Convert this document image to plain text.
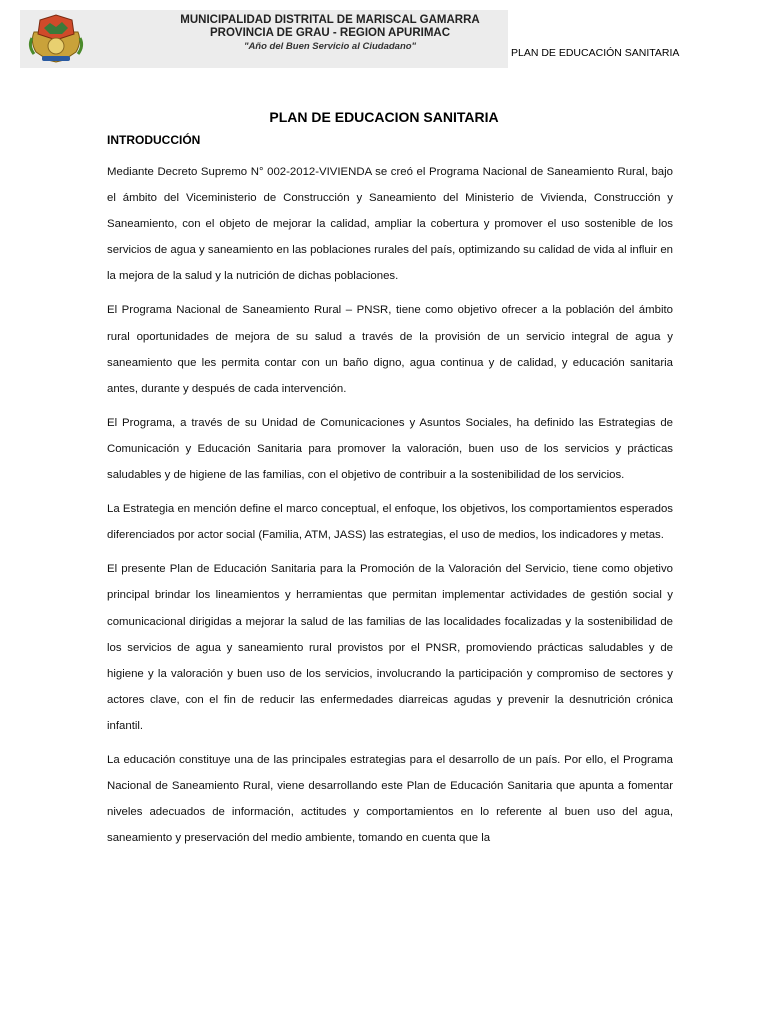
MUNICIPALIDAD DISTRITAL DE MARISCAL GAMARRA
PROVINCIA DE GRAU - REGION APURIMAC
"Año del Buen Servicio al Ciudadano"
PLAN DE EDUCACIÓN SANITARIA
PLAN DE EDUCACION SANITARIA
INTRODUCCIÓN

Mediante Decreto Supremo N° 002-2012-VIVIENDA se creó el Programa Nacional de Saneamiento Rural, bajo el ámbito del Viceministerio de Construcción y Saneamiento del Ministerio de Vivienda, Construcción y Saneamiento, con el objeto de mejorar la calidad, ampliar la cobertura y promover el uso sostenible de los servicios de agua y saneamiento en las poblaciones rurales del país, optimizando su calidad de vida al influir en la mejora de la salud y la nutrición de dichas poblaciones.

El Programa Nacional de Saneamiento Rural – PNSR, tiene como objetivo ofrecer a la población del ámbito rural oportunidades de mejora de su salud a través de la provisión de un servicio integral de agua y saneamiento que les permita contar con un baño digno, agua continua y de calidad, y educación sanitaria antes, durante y después de cada intervención.

El Programa, a través de su Unidad de Comunicaciones y Asuntos Sociales, ha definido las Estrategias de Comunicación y Educación Sanitaria para promover la valoración, buen uso de los servicios y prácticas saludables y de higiene de las familias, con el objetivo de contribuir a la sostenibilidad de los servicios.

La Estrategia en mención define el marco conceptual, el enfoque, los objetivos, los comportamientos esperados diferenciados por actor social (Familia, ATM, JASS) las estrategias, el uso de medios, los indicadores y metas.

El presente Plan de Educación Sanitaria para la Promoción de la Valoración del Servicio, tiene como objetivo principal brindar los lineamientos y herramientas que permitan implementar actividades de gestión social y comunicacional dirigidas a mejorar la salud de las familias de las localidades focalizadas y la sostenibilidad de los servicios de agua y saneamiento rural provistos por el PNSR, promoviendo prácticas saludables y de higiene y la valoración y buen uso de los servicios, involucrando la participación y compromiso de sectores y actores clave, con el fin de reducir las enfermedades diarreicas agudas y prevenir la desnutrición crónica infantil.

La educación constituye una de las principales estrategias para el desarrollo de un país. Por ello, el Programa Nacional de Saneamiento Rural, viene desarrollando este Plan de Educación Sanitaria que apunta a fomentar niveles adecuados de información, actitudes y comportamientos en lo referente al buen uso del agua, saneamiento y preservación del medio ambiente, tomando en cuenta que la
